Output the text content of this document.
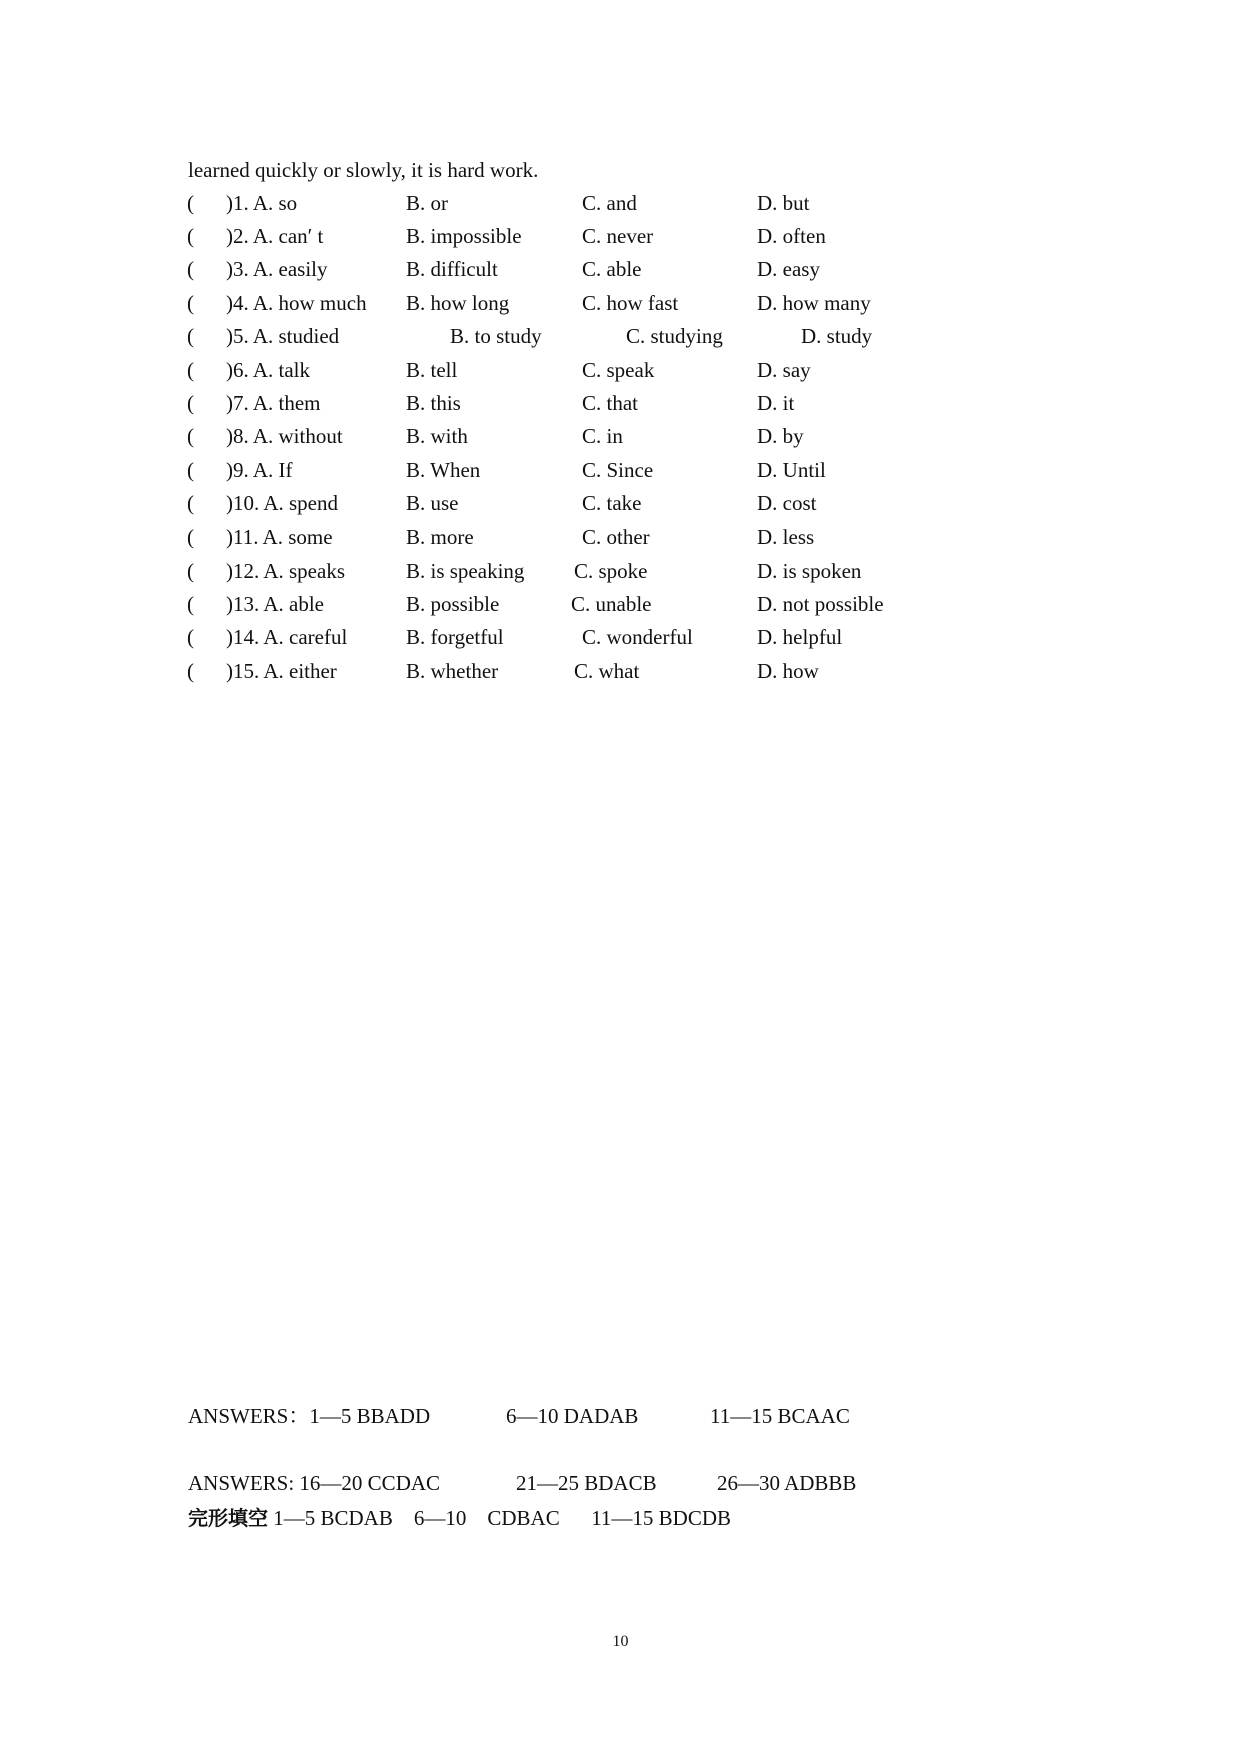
learned quickly or slowly, it is hard work.
( )1. A. so	B. or	C. and	D. but
( )2. A. can′ t	B. impossible	C. never	D. often
( )3. A. easily	B. difficult	C. able	D. easy
( )4. A. how much B. how long	C. how fast	D. how many
( )5. A. studied	B. to study	C. studying	D. study
( )6. A. talk	B. tell	C. speak	D. say
( )7. A. them	B. this	C. that	D. it
( )8. A. without	B. with	C. in	D. by
( )9. A. If	B. When	C. Since	D. Until
( )10. A. spend	B. use	C. take	D. cost
( )11. A. some	B. more	C. other	D. less
( )12. A. speaks	B. is speaking C. spoke	D. is spoken
( )13. A. able	B. possible	C. unable	D. not possible
( )14. A. careful	B. forgetful	C. wonderful	D. helpful
( )15. A. either	B. whether	C. what	D. how
ANSWERS：1—5 BBADD	6—10 DADAB	11—15 BCAAC
ANSWERS: 16—20 CCDAC	21—25 BDACB	26—30 ADBBB
完形填空 1—5 BCDAB    6—10    CDBAC      11—15 BDCDB
10
